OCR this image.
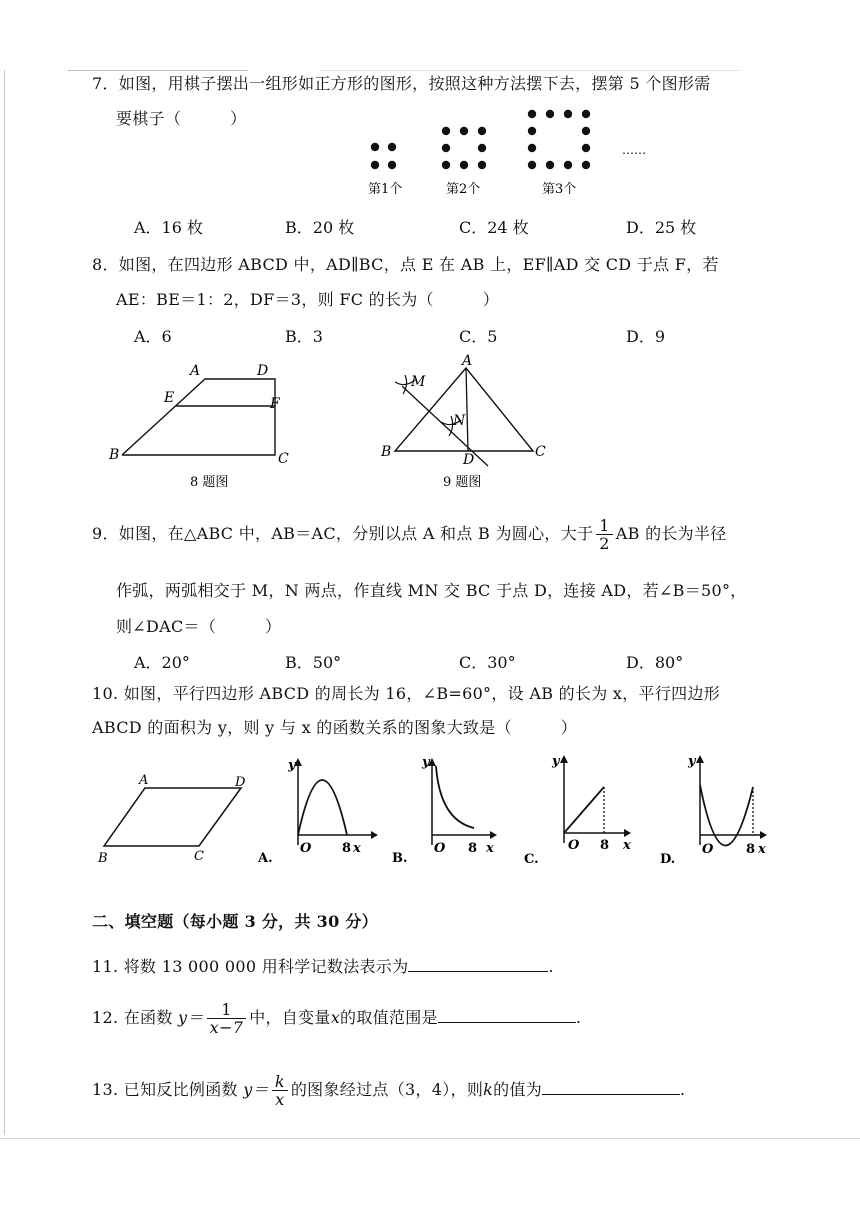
7．如图，用棋子摆出一组形如正方形的图形，按照这种方法摆下去，摆第 5 个图形需
要棋子（　　　）
……
第1个	第2个	第3个
A．16 枚	B．20 枚	C．24 枚	D．25 枚
8．如图，在四边形 ABCD 中，AD∥BC，点 E 在 AB 上，EF∥AD 交 CD 于点 F，若
AE：BE＝1：2，DF＝3，则 FC 的长为（　　　）
A．6	B．3	C．5	D．9
A	D
E	F
B	C
8 题图
A
M
N
B	D	C
9 题图
9．如图，在△ABC 中，AB＝AC，分别以点 A 和点 B 为圆心，大于 $\frac{1}{2}$ AB 的长为半径
作弧，两弧相交于 M，N 两点，作直线 MN 交 BC 于点 D，连接 AD，若∠B＝50°，
则∠DAC＝（　　　）
A．20°	B．50°	C．30°	D．80°
10. 如图，平行四边形 ABCD 的周长为 16，∠B=60°，设 AB 的长为 x，平行四边形
ABCD 的面积为 y，则 y 与 x 的函数关系的图象大致是（　　　）
A	D
B	C
y
O 8 x
A.
y
O 8 x
B.
y
O 8 x
C.
y
O	8 x
D.
二、填空题（每小题 3 分，共 30 分）
11. 将数 13 000 000 用科学记数法表示为	.
12. 在函数 $y= \frac{1}{x-7}$ 中，自变量x的取值范围是	.
13. 已知反比例函数 $y= \frac{k}{x}$ 的图象经过点（3，4），则k的值为	.
